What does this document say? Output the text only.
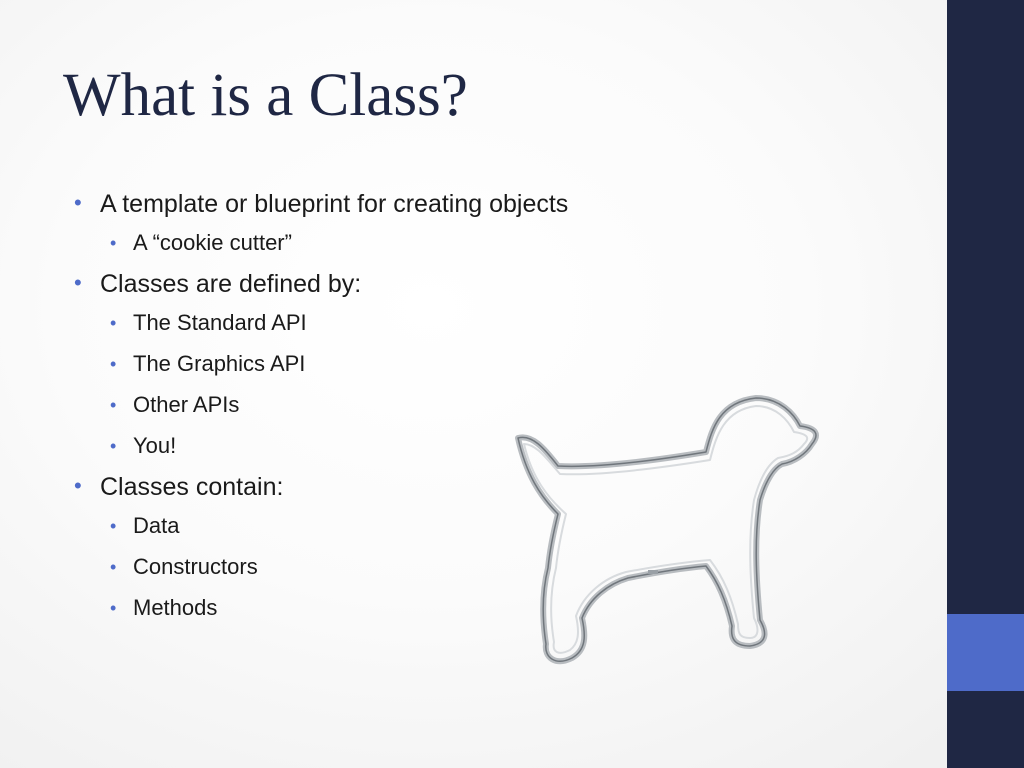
What is a Class?
• A template or blueprint for creating objects
• A “cookie cutter”
• Classes are defined by:
• The Standard API
• The Graphics API
• Other APIs
• You!
• Classes contain:
• Data
• Constructors
• Methods
